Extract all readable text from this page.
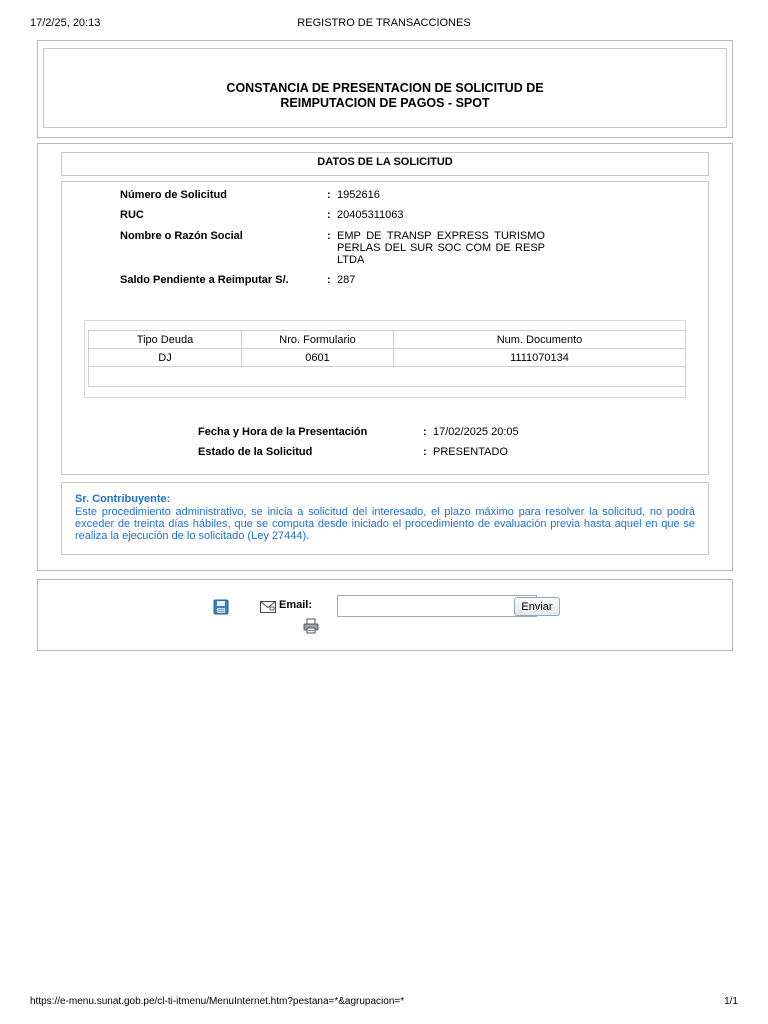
17/2/25, 20:13	REGISTRO DE TRANSACCIONES
CONSTANCIA DE PRESENTACION DE SOLICITUD DE
REIMPUTACION DE PAGOS - SPOT
DATOS DE LA SOLICITUD
Número de Solicitud	: 1952616
RUC	: 20405311063
Nombre o Razón Social	: EMP DE TRANSP EXPRESS TURISMO PERLAS DEL SUR SOC COM DE RESP LTDA
Saldo Pendiente a Reimputar S/.	: 287
Tipo Deuda	Nro. Formulario	Num. Documento
DJ	0601	1111070134

Fecha y Hora de la Presentación	: 17/02/2025 20:05
Estado de la Solicitud	: PRESENTADO
Sr. Contribuyente:
Este procedimiento administrativo, se inicia a solicitud del interesado, el plazo máximo para resolver la solicitud, no podrá exceder de treinta días hábiles, que se computa desde iniciado el procedimiento de evaluación previa hasta aquel en que se realiza la ejecución de lo solicitado (Ley 27444).
Email:	Enviar
https://e-menu.sunat.gob.pe/cl-ti-itmenu/MenuInternet.htm?pestana=*&agrupacion=*	1/1
